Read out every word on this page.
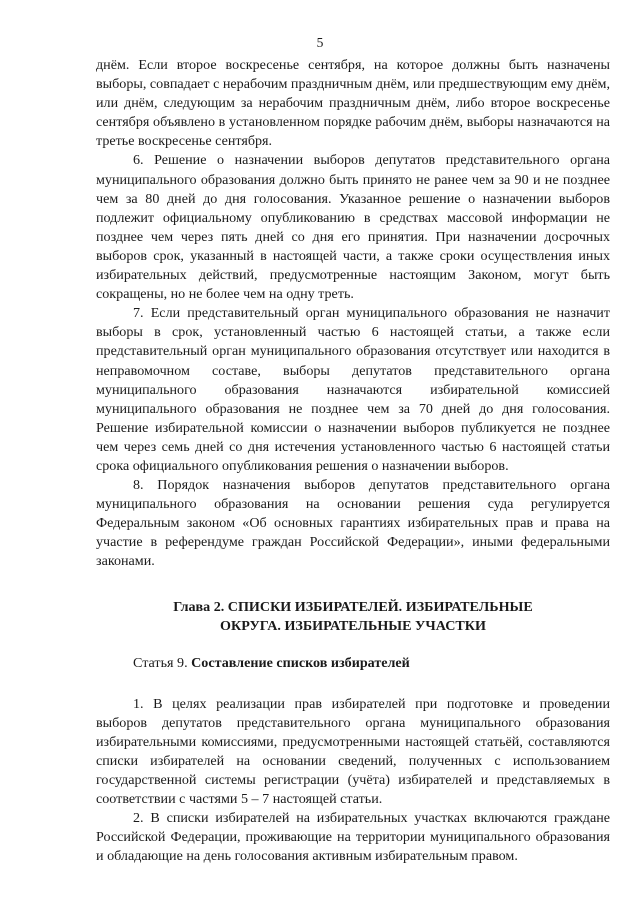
5

днём. Если второе воскресенье сентября, на которое должны быть назначены выборы, совпадает с нерабочим праздничным днём, или предшествующим ему днём, или днём, следующим за нерабочим праздничным днём, либо второе воскресенье сентября объявлено в установленном порядке рабочим днём, выборы назначаются на третье воскресенье сентября.

6. Решение о назначении выборов депутатов представительного органа муниципального образования должно быть принято не ранее чем за 90 и не позднее чем за 80 дней до дня голосования. Указанное решение о назначении выборов подлежит официальному опубликованию в средствах массовой информации не позднее чем через пять дней со дня его принятия. При назначении досрочных выборов срок, указанный в настоящей части, а также сроки осуществления иных избирательных действий, предусмотренные настоящим Законом, могут быть сокращены, но не более чем на одну треть.

7. Если представительный орган муниципального образования не назначит выборы в срок, установленный частью 6 настоящей статьи, а также если представительный орган муниципального образования отсутствует или находится в неправомочном составе, выборы депутатов представительного органа муниципального образования назначаются избирательной комиссией муниципального образования не позднее чем за 70 дней до дня голосования. Решение избирательной комиссии о назначении выборов публикуется не позднее чем через семь дней со дня истечения установленного частью 6 настоящей статьи срока официального опубликования решения о назначении выборов.

8. Порядок назначения выборов депутатов представительного органа муниципального образования на основании решения суда регулируется Федеральным законом «Об основных гарантиях избирательных прав и права на участие в референдуме граждан Российской Федерации», иными федеральными законами.

Глава 2. СПИСКИ ИЗБИРАТЕЛЕЙ. ИЗБИРАТЕЛЬНЫЕ
ОКРУГА. ИЗБИРАТЕЛЬНЫЕ УЧАСТКИ

Статья 9. Составление списков избирателей

1. В целях реализации прав избирателей при подготовке и проведении выборов депутатов представительного органа муниципального образования избирательными комиссиями, предусмотренными настоящей статьёй, составляются списки избирателей на основании сведений, полученных с использованием государственной системы регистрации (учёта) избирателей и представляемых в соответствии с частями 5 – 7 настоящей статьи.

2. В списки избирателей на избирательных участках включаются граждане Российской Федерации, проживающие на территории муниципального образования и обладающие на день голосования активным избирательным правом.
